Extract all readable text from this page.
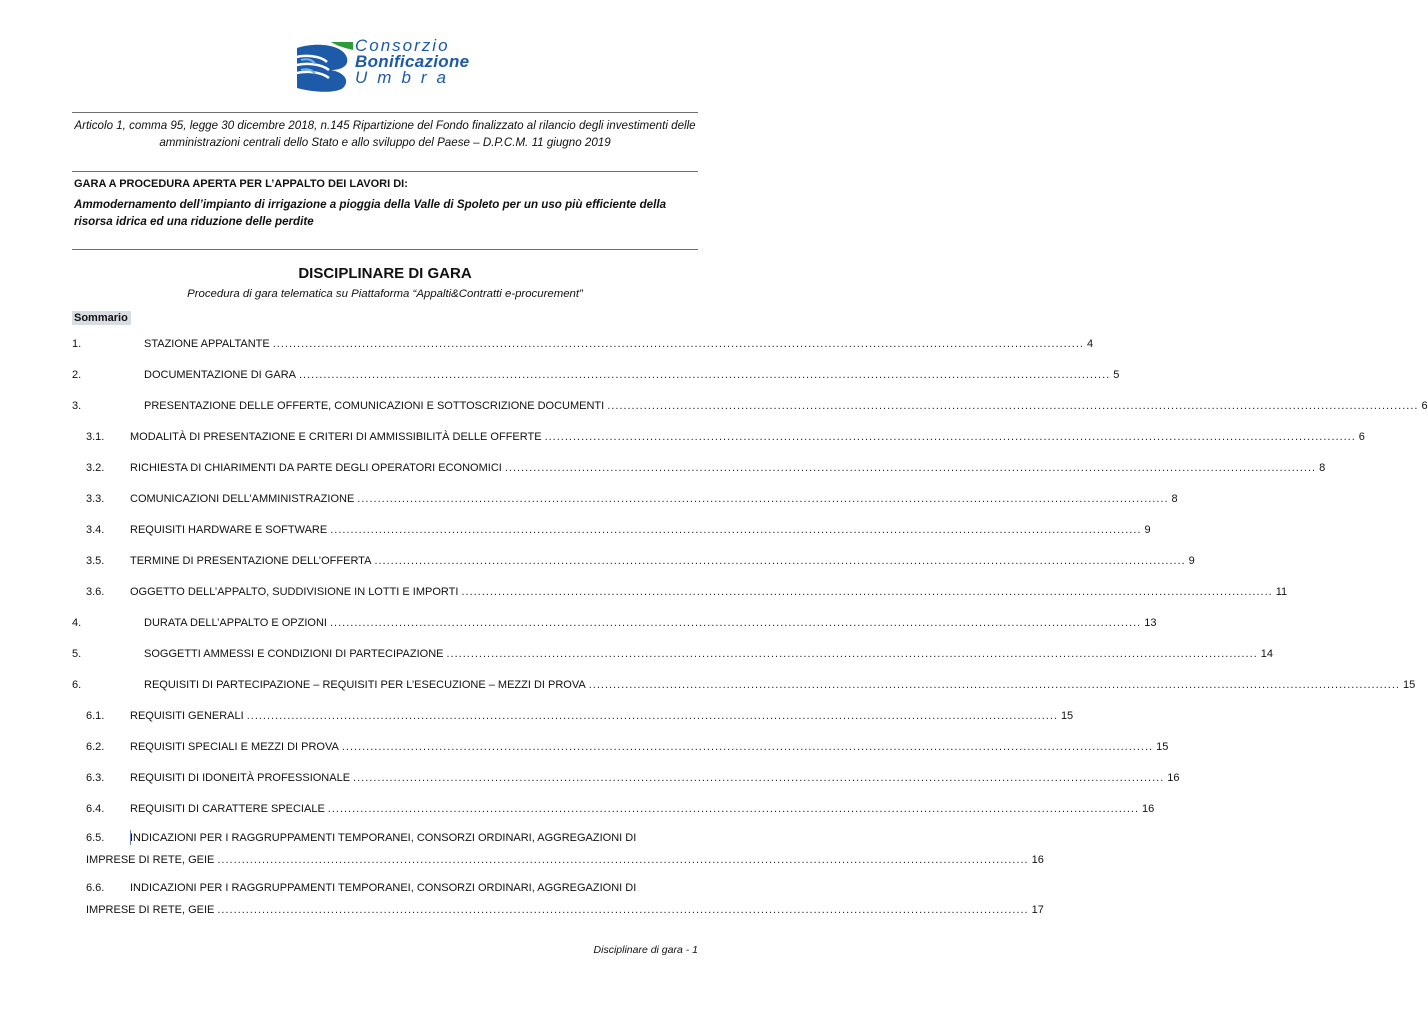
Consorzio
Bonificazione
Umbra
Articolo 1, comma 95, legge 30 dicembre 2018, n.145 Ripartizione del Fondo finalizzato al rilancio degli investimenti delle amministrazioni centrali dello Stato e allo sviluppo del Paese – D.P.C.M. 11 giugno 2019
GARA A PROCEDURA APERTA PER L’APPALTO DEI LAVORI DI:
Ammodernamento dell’impianto di irrigazione a pioggia della Valle di Spoleto per un uso più efficiente della risorsa idrica ed una riduzione delle perdite
DISCIPLINARE DI GARA
Procedura di gara telematica su Piattaforma “Appalti&Contratti e-procurement”
Sommario
1.	STAZIONE APPALTANTE ........................................................................................................................................................................................................ 4
2.	DOCUMENTAZIONE DI GARA ........................................................................................................................................................................................................ 5
3.	PRESENTAZIONE DELLE OFFERTE, COMUNICAZIONI E SOTTOSCRIZIONE DOCUMENTI ........................................................................................................................................................................................................ 6
3.1. MODALITÀ DI PRESENTAZIONE E CRITERI DI AMMISSIBILITÀ DELLE OFFERTE ........................................................................................................................................................................................................ 6
3.2. RICHIESTA DI CHIARIMENTI DA PARTE DEGLI OPERATORI ECONOMICI ........................................................................................................................................................................................................ 8
3.3. COMUNICAZIONI DELL’AMMINISTRAZIONE ........................................................................................................................................................................................................ 8
3.4. REQUISITI HARDWARE E SOFTWARE ........................................................................................................................................................................................................ 9
3.5. TERMINE DI PRESENTAZIONE DELL’OFFERTA ........................................................................................................................................................................................................ 9
3.6. OGGETTO DELL’APPALTO, SUDDIVISIONE IN LOTTI E IMPORTI ........................................................................................................................................................................................................ 11
4.	DURATA DELL’APPALTO E OPZIONI ........................................................................................................................................................................................................ 13
5.	SOGGETTI AMMESSI E CONDIZIONI DI PARTECIPAZIONE ........................................................................................................................................................................................................ 14
6.	REQUISITI DI PARTECIPAZIONE – REQUISITI PER L’ESECUZIONE – MEZZI DI PROVA ........................................................................................................................................................................................................ 15
6.1. REQUISITI GENERALI ........................................................................................................................................................................................................ 15
6.2. REQUISITI SPECIALI E MEZZI DI PROVA ........................................................................................................................................................................................................ 15
6.3. REQUISITI DI IDONEITÀ PROFESSIONALE ........................................................................................................................................................................................................ 16
6.4. REQUISITI DI CARATTERE SPECIALE ........................................................................................................................................................................................................ 16
6.5. INDICAZIONI PER I RAGGRUPPAMENTI TEMPORANEI, CONSORZI ORDINARI, AGGREGAZIONI DI
IMPRESE DI RETE, GEIE ........................................................................................................................................................................................................ 16
6.6. INDICAZIONI PER I RAGGRUPPAMENTI TEMPORANEI, CONSORZI ORDINARI, AGGREGAZIONI DI
IMPRESE DI RETE, GEIE ........................................................................................................................................................................................................ 17
Disciplinare di gara - 1
